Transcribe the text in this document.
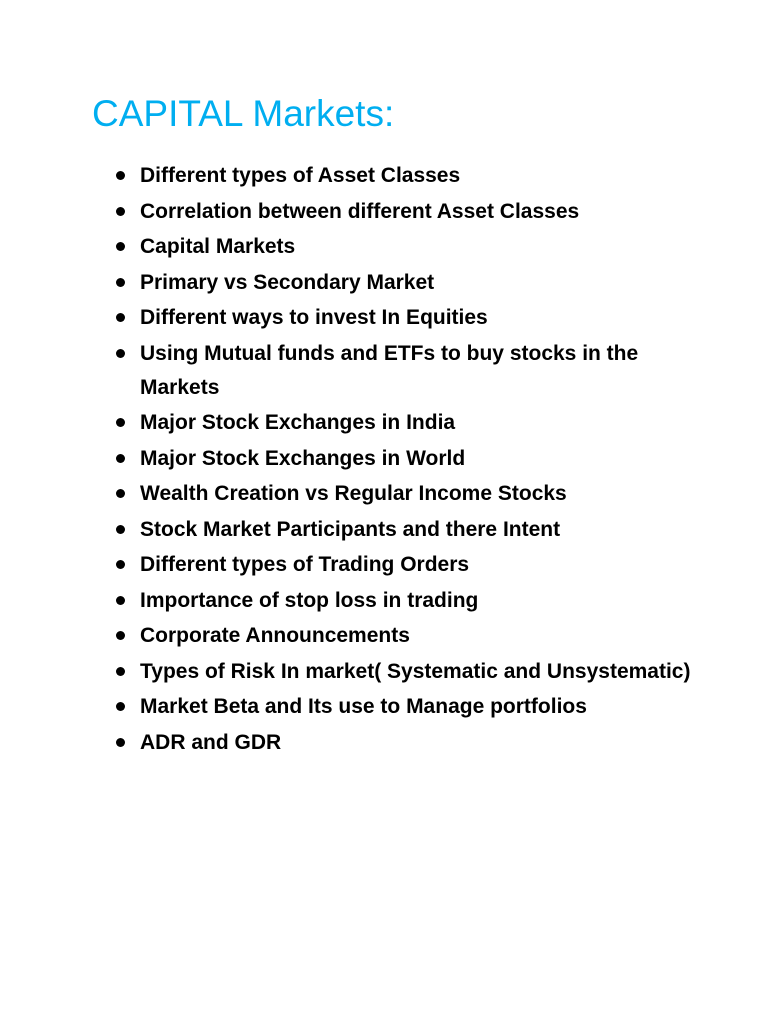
CAPITAL Markets:
Different types of Asset Classes
Correlation between different Asset Classes
Capital Markets
Primary vs Secondary Market
Different ways to invest In Equities
Using Mutual funds and ETFs to buy stocks in the Markets
Major Stock Exchanges in India
Major Stock Exchanges in World
Wealth Creation vs Regular Income Stocks
Stock Market Participants and there Intent
Different types of Trading Orders
Importance of stop loss in trading
Corporate Announcements
Types of Risk In market( Systematic and Unsystematic)
Market Beta and Its use to Manage portfolios
ADR and GDR
